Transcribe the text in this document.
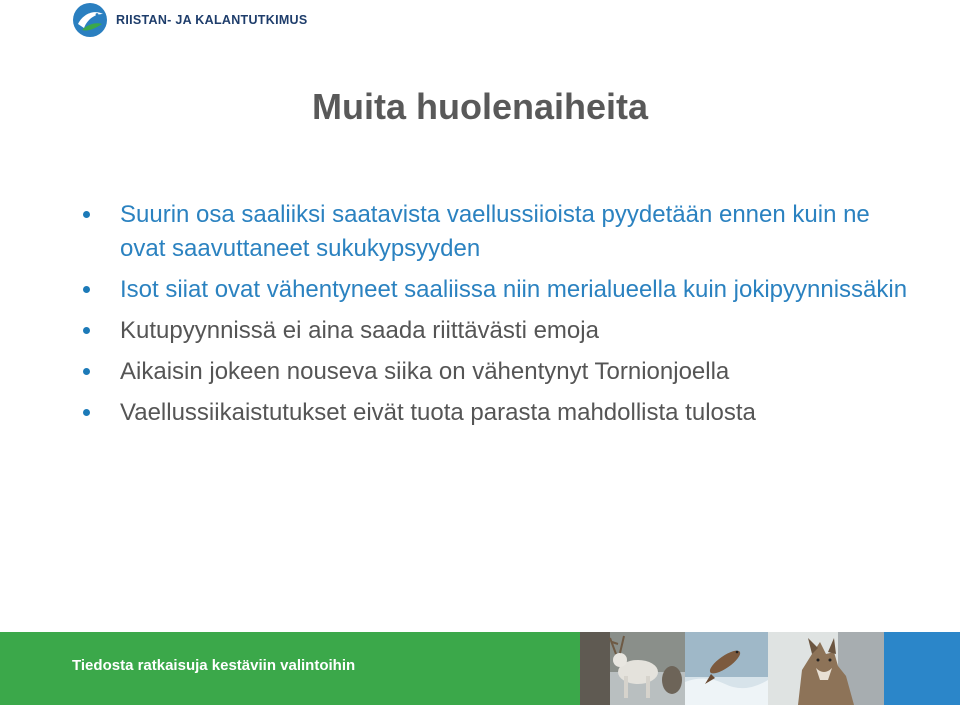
RIISTAN- JA KALANTUTKIMUS
Muita huolenaiheita
Suurin osa saaliiksi saatavista vaellussiioista pyydetään ennen kuin ne ovat saavuttaneet sukukypsyyden
Isot siiat ovat vähentyneet saaliissa niin merialueella kuin jokipyynnissäkin
Kutupyynnissä ei aina saada riittävästi emoja
Aikaisin jokeen nouseva siika on vähentynyt Tornionjoella
Vaellussiikaistutukset eivät tuota parasta mahdollista tulosta
Tiedosta ratkaisuja kestäviin valintoihin
